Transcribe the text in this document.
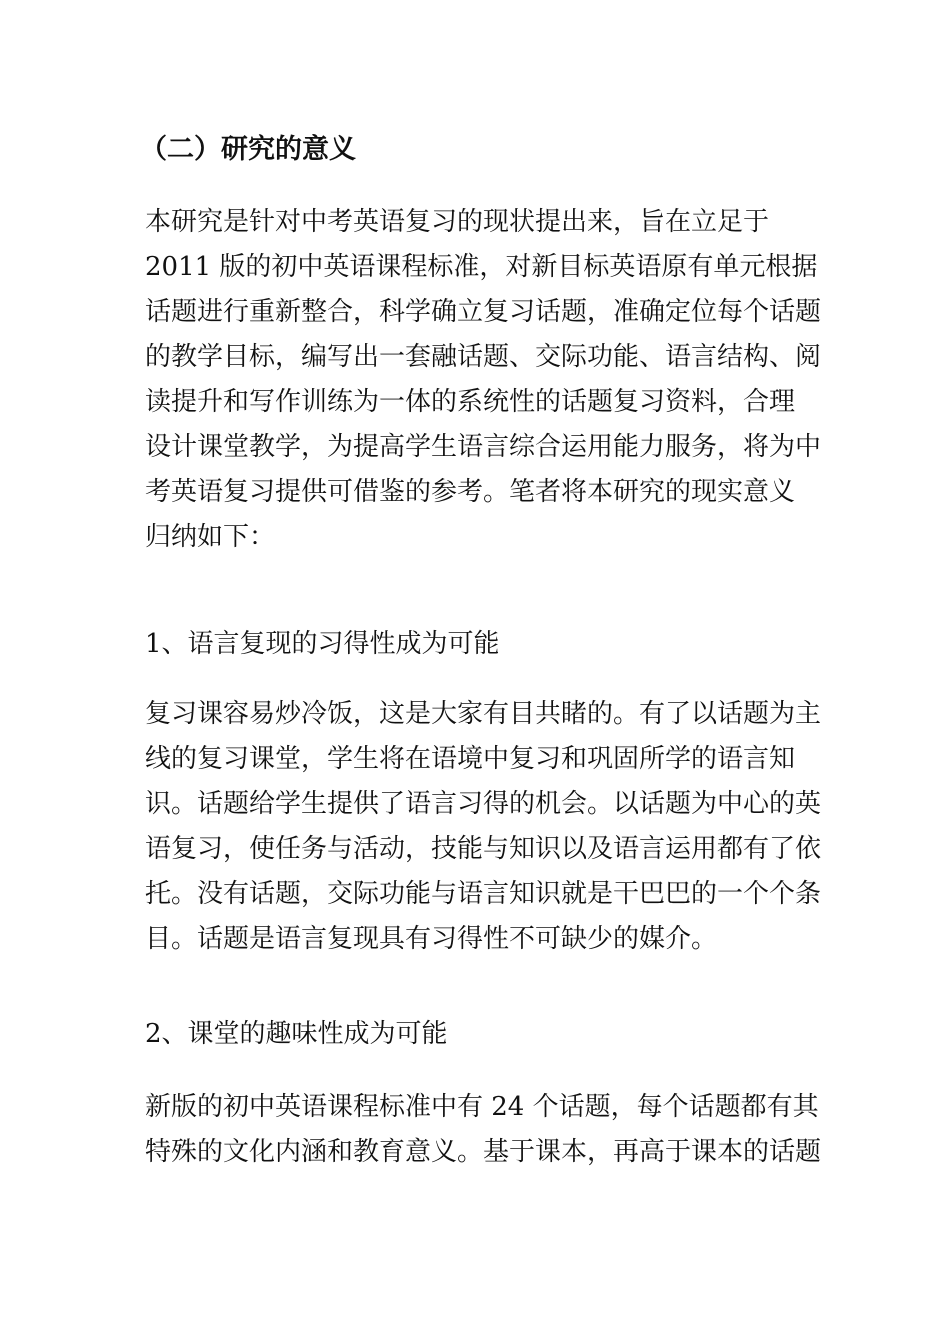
（二）研究的意义
本研究是针对中考英语复习的现状提出来，旨在立足于
2011 版的初中英语课程标准，对新目标英语原有单元根据
话题进行重新整合，科学确立复习话题，准确定位每个话题
的教学目标，编写出一套融话题、交际功能、语言结构、阅
读提升和写作训练为一体的系统性的话题复习资料，合理
设计课堂教学，为提高学生语言综合运用能力服务，将为中
考英语复习提供可借鉴的参考。笔者将本研究的现实意义
归纳如下：
1、语言复现的习得性成为可能
复习课容易炒冷饭，这是大家有目共睹的。有了以话题为主
线的复习课堂，学生将在语境中复习和巩固所学的语言知
识。话题给学生提供了语言习得的机会。以话题为中心的英
语复习，使任务与活动，技能与知识以及语言运用都有了依
托。没有话题，交际功能与语言知识就是干巴巴的一个个条
目。话题是语言复现具有习得性不可缺少的媒介。
2、课堂的趣味性成为可能
新版的初中英语课程标准中有 24 个话题，每个话题都有其
特殊的文化内涵和教育意义。基于课本，再高于课本的话题
